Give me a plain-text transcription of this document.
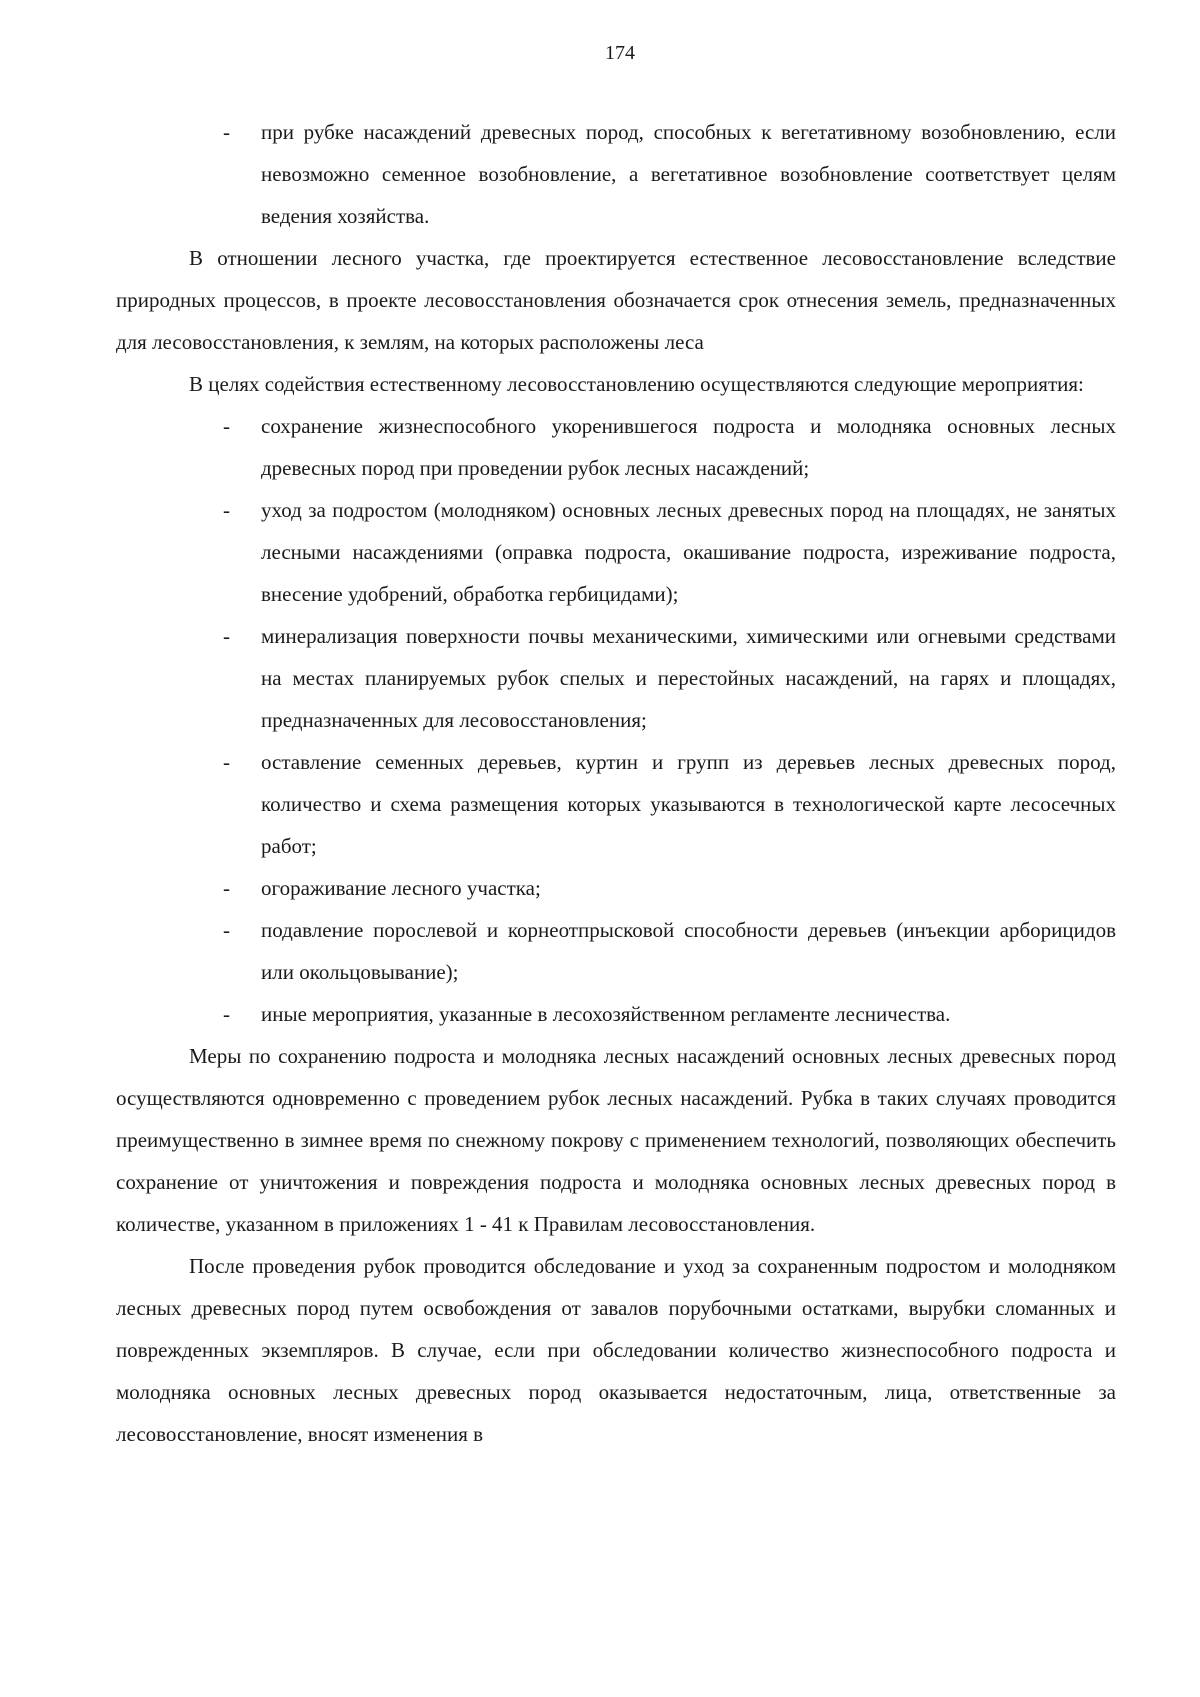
174
- при рубке насаждений древесных пород, способных к вегетативному возобновлению, если невозможно семенное возобновление, а вегетативное возобновление соответствует целям ведения хозяйства.

В отношении лесного участка, где проектируется естественное лесовосстановление вследствие природных процессов, в проекте лесовосстановления обозначается срок отнесения земель, предназначенных для лесовосстановления, к землям, на которых расположены леса

В целях содействия естественному лесовосстановлению осуществляются следующие мероприятия:

- сохранение жизнеспособного укоренившегося подроста и молодняка основных лесных древесных пород при проведении рубок лесных насаждений;
- уход за подростом (молодняком) основных лесных древесных пород на площадях, не занятых лесными насаждениями (оправка подроста, окашивание подроста, изреживание подроста, внесение удобрений, обработка гербицидами);
- минерализация поверхности почвы механическими, химическими или огневыми средствами на местах планируемых рубок спелых и перестойных насаждений, на гарях и площадях, предназначенных для лесовосстановления;
- оставление семенных деревьев, куртин и групп из деревьев лесных древесных пород, количество и схема размещения которых указываются в технологической карте лесосечных работ;
- огораживание лесного участка;
- подавление порослевой и корнеотпрысковой способности деревьев (инъекции арборицидов или окольцовывание);
- иные мероприятия, указанные в лесохозяйственном регламенте лесничества.

Меры по сохранению подроста и молодняка лесных насаждений основных лесных древесных пород осуществляются одновременно с проведением рубок лесных насаждений. Рубка в таких случаях проводится преимущественно в зимнее время по снежному покрову с применением технологий, позволяющих обеспечить сохранение от уничтожения и повреждения подроста и молодняка основных лесных древесных пород в количестве, указанном в приложениях 1 - 41 к Правилам лесовосстановления.

После проведения рубок проводится обследование и уход за сохраненным подростом и молодняком лесных древесных пород путем освобождения от завалов порубочными остатками, вырубки сломанных и поврежденных экземпляров. В случае, если при обследовании количество жизнеспособного подроста и молодняка основных лесных древесных пород оказывается недостаточным, лица, ответственные за лесовосстановление, вносят изменения в
